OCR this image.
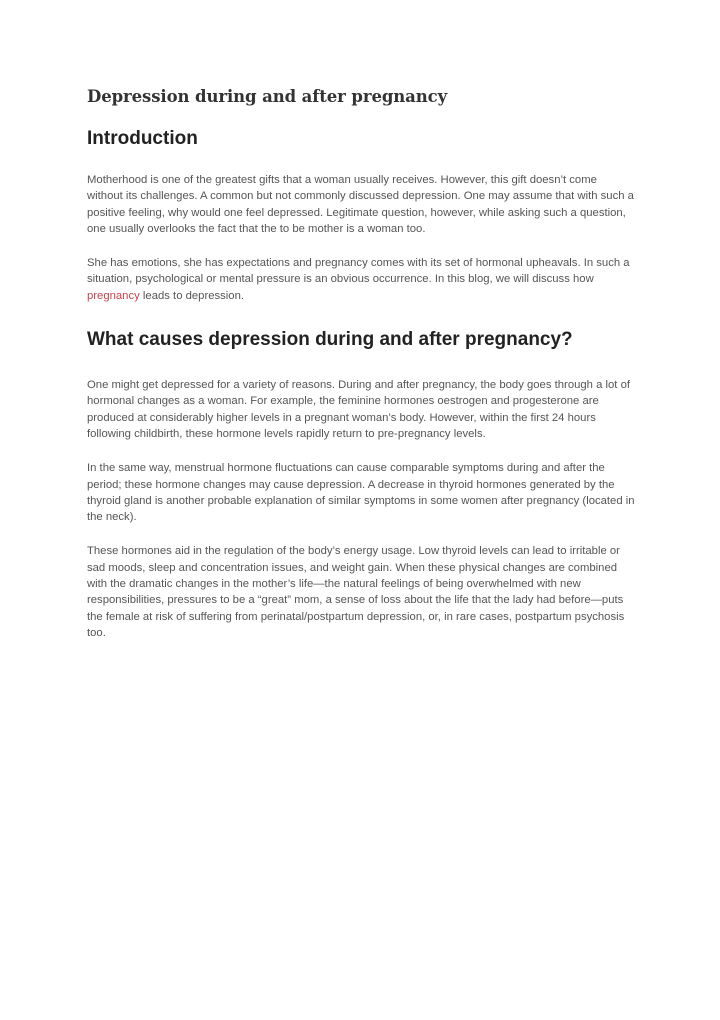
Depression during and after pregnancy
Introduction

Motherhood is one of the greatest gifts that a woman usually receives. However, this gift doesn’t come without its challenges. A common but not commonly discussed depression. One may assume that with such a positive feeling, why would one feel depressed. Legitimate question, however, while asking such a question, one usually overlooks the fact that the to be mother is a woman too.

She has emotions, she has expectations and pregnancy comes with its set of hormonal upheavals. In such a situation, psychological or mental pressure is an obvious occurrence. In this blog, we will discuss how pregnancy leads to depression.

What causes depression during and after pregnancy?

One might get depressed for a variety of reasons. During and after pregnancy, the body goes through a lot of hormonal changes as a woman. For example, the feminine hormones oestrogen and progesterone are produced at considerably higher levels in a pregnant woman’s body. However, within the first 24 hours following childbirth, these hormone levels rapidly return to pre-pregnancy levels.

In the same way, menstrual hormone fluctuations can cause comparable symptoms during and after the period; these hormone changes may cause depression. A decrease in thyroid hormones generated by the thyroid gland is another probable explanation of similar symptoms in some women after pregnancy (located in the neck).

These hormones aid in the regulation of the body’s energy usage. Low thyroid levels can lead to irritable or sad moods, sleep and concentration issues, and weight gain. When these physical changes are combined with the dramatic changes in the mother’s life—the natural feelings of being overwhelmed with new responsibilities, pressures to be a “great” mom, a sense of loss about the life that the lady had before—puts the female at risk of suffering from perinatal/postpartum depression, or, in rare cases, postpartum psychosis too.
